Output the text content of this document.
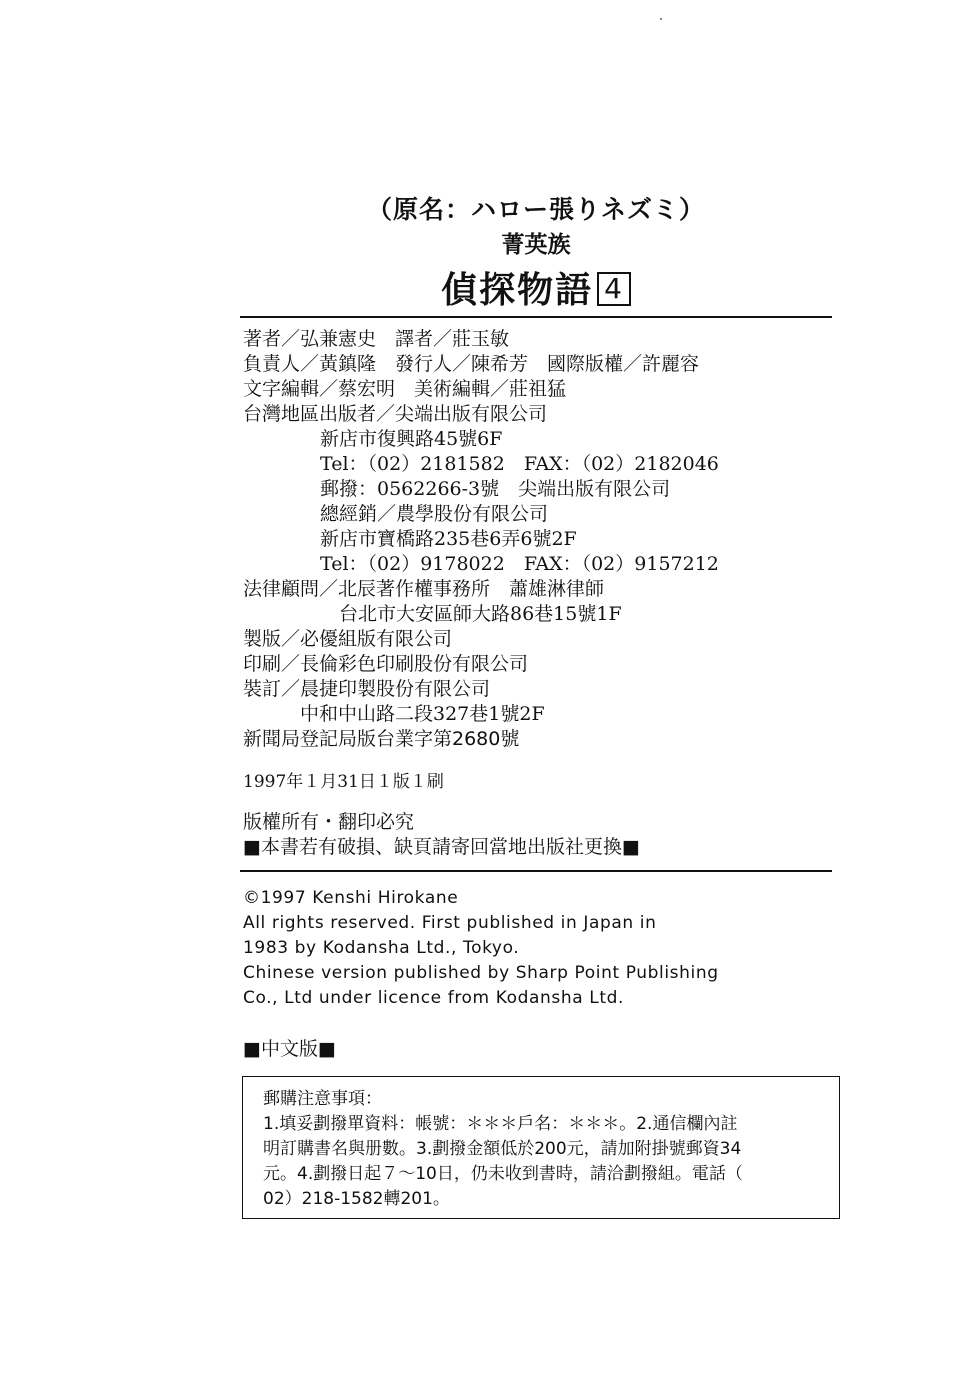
（原名：ハロー張りネズミ）
菁英族
偵探物語 4
著者／弘兼憲史　譯者／莊玉敏
負責人／黃鎮隆　發行人／陳希芳　國際版權／許麗容
文字編輯／蔡宏明　美術編輯／莊祖猛
台灣地區出版者／尖端出版有限公司
新店市復興路45號6F
Tel：（02）2181582　FAX：（02）2182046
郵撥：0562266-3號　尖端出版有限公司
總經銷／農學股份有限公司
新店市寶橋路235巷6弄6號2F
Tel：（02）9178022　FAX：（02）9157212
法律顧問／北辰著作權事務所　蕭雄淋律師
台北市大安區師大路86巷15號1F
製版／必優組版有限公司
印刷／長倫彩色印刷股份有限公司
裝訂／晨捷印製股份有限公司
中和中山路二段327巷1號2F
新聞局登記局版台業字第2680號
1997年１月31日１版１刷
版權所有・翻印必究
■本書若有破損、缺頁請寄回當地出版社更換■
©1997 Kenshi Hirokane
All rights reserved. First published in Japan in
1983 by Kodansha Ltd., Tokyo.
Chinese version published by Sharp Point Publishing
Co., Ltd under licence from Kodansha Ltd.
■中文版■
郵購注意事項：
1.填妥劃撥單資料：帳號：＊＊＊戶名：＊＊＊。2.通信欄內註
明訂購書名與册數。3.劃撥金額低於200元，請加附掛號郵資34
元。4.劃撥日起７～10日，仍未收到書時，請洽劃撥組。電話（
02）218-1582轉201。
